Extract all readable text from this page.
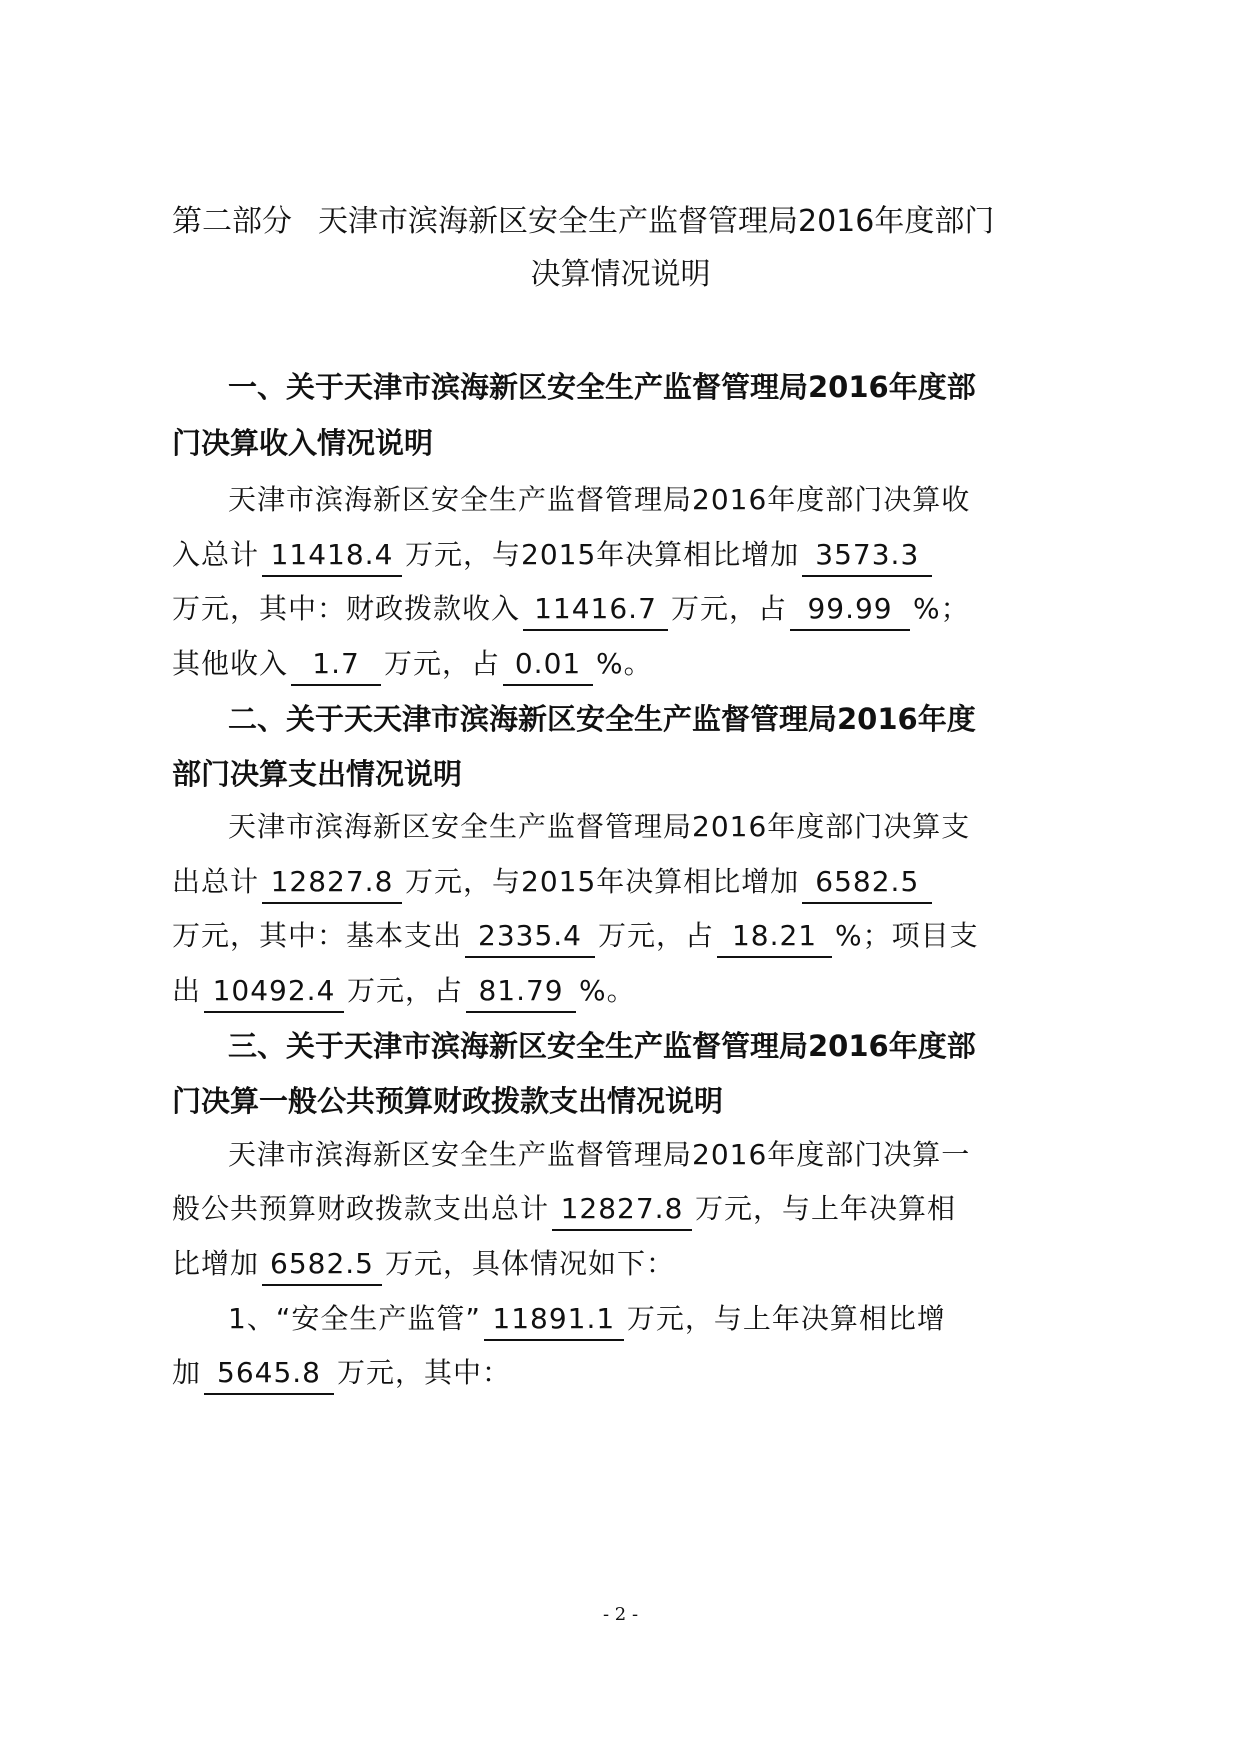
第二部分 天津市滨海新区安全生产监督管理局2016年度部门
决算情况说明
一、关于天津市滨海新区安全生产监督管理局2016年度部
门决算收入情况说明
天津市滨海新区安全生产监督管理局2016年度部门决算收
入总计 11418.4 万元，与2015年决算相比增加 3573.3
万元，其中：财政拨款收入 11416.7 万元，占 99.99 %；
其他收入 1.7 万元，占 0.01 %。
二、关于天天津市滨海新区安全生产监督管理局2016年度
部门决算支出情况说明
天津市滨海新区安全生产监督管理局2016年度部门决算支
出总计 12827.8 万元，与2015年决算相比增加 6582.5
万元，其中：基本支出 2335.4 万元，占 18.21 %；项目支
出 10492.4 万元，占 81.79 %。
三、关于天津市滨海新区安全生产监督管理局2016年度部
门决算一般公共预算财政拨款支出情况说明
天津市滨海新区安全生产监督管理局2016年度部门决算一
般公共预算财政拨款支出总计 12827.8 万元，与上年决算相
比增加 6582.5 万元，具体情况如下：
1、“安全生产监管” 11891.1 万元，与上年决算相比增
加 5645.8 万元，其中：
- 2 -
